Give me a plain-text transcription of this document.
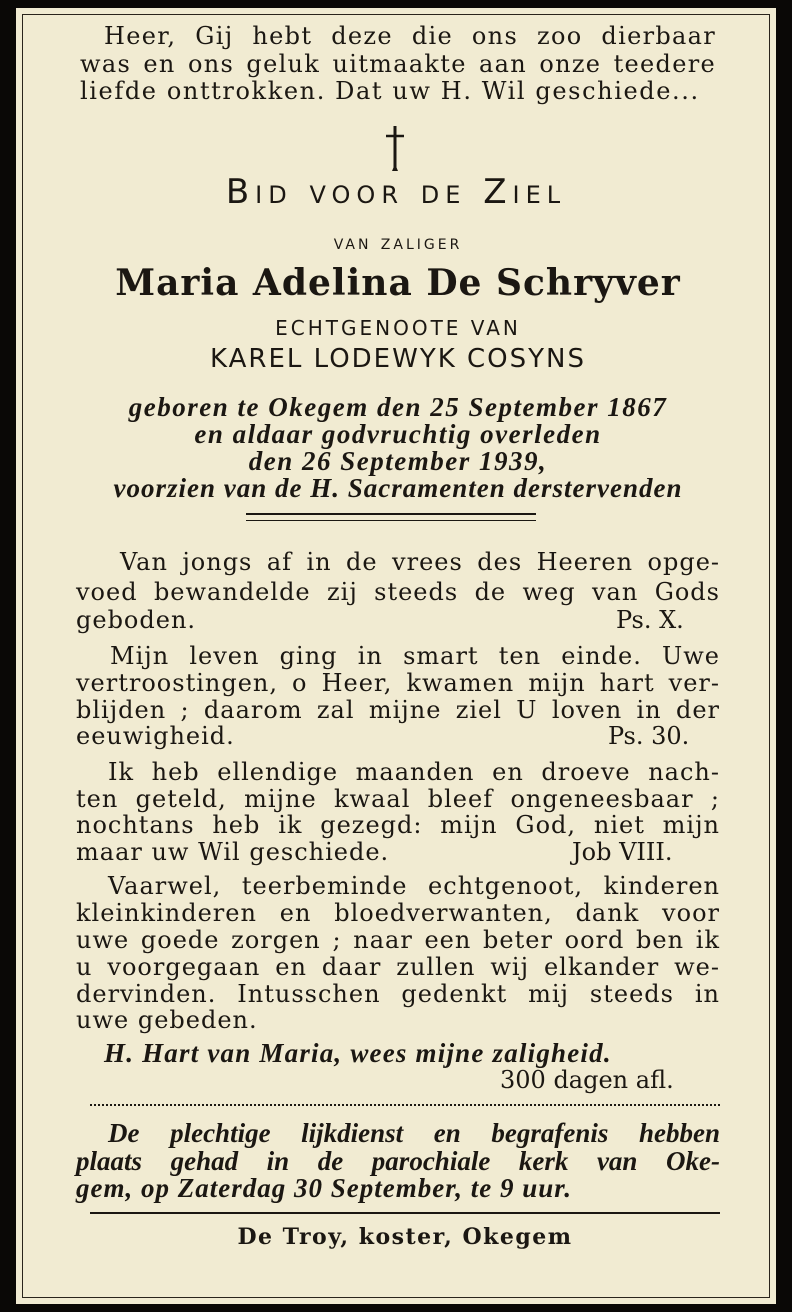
Heer, Gij hebt deze die ons zoo dierbaar
was en ons geluk uitmaakte aan onze teedere
liefde onttrokken. Dat uw H. Wil geschiede...
Bid voor de Ziel
van zaliger
Maria Adelina De Schryver
ECHTGENOOTE VAN
KAREL LODEWYK COSYNS
geboren te Okegem den 25 September 1867
en aldaar godvruchtig overleden
den 26 September 1939,
voorzien van de H. Sacramenten derstervenden
Van jongs af in de vrees des Heeren opge-
voed bewandelde zij steeds de weg van Gods
geboden.	Ps. X.
Mijn leven ging in smart ten einde. Uwe
vertroostingen, o Heer, kwamen mijn hart ver-
blijden ; daarom zal mijne ziel U loven in der
eeuwigheid.	Ps. 30.
Ik heb ellendige maanden en droeve nach-
ten geteld, mijne kwaal bleef ongeneesbaar ;
nochtans heb ik gezegd: mijn God, niet mijn
maar uw Wil geschiede.	Job VIII.
Vaarwel, teerbeminde echtgenoot, kinderen
kleinkinderen en bloedverwanten, dank voor
uwe goede zorgen ; naar een beter oord ben ik
u voorgegaan en daar zullen wij elkander we-
dervinden. Intusschen gedenkt mij steeds in
uwe gebeden.
H. Hart van Maria, wees mijne zaligheid.
300 dagen afl.
De plechtige lijkdienst en begrafenis hebben
plaats gehad in de parochiale kerk van Oke-
gem, op Zaterdag 30 September, te 9 uur.
De Troy, koster, Okegem
